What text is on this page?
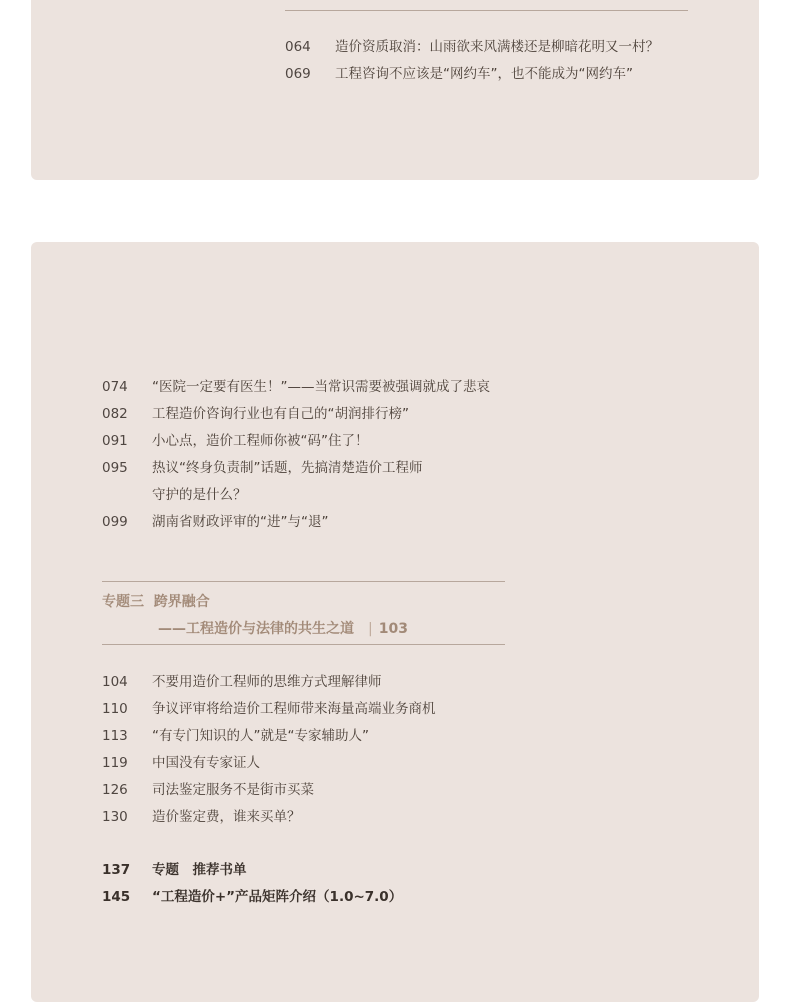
064 造价资质取消：山雨欲来风满楼还是柳暗花明又一村？
069 工程咨询不应该是“网约车”，也不能成为“网约车”
074 “医院一定要有医生！”——当常识需要被强调就成了悲哀
082 工程造价咨询行业也有自己的“胡润排行榜”
091 小心点，造价工程师你被“码”住了！
095 热议“终身负责制”话题，先搞清楚造价工程师
守护的是什么？
099 湖南省财政评审的“进”与“退”
专题三 跨界融合
——工程造价与法律的共生之道 | 103
104 不要用造价工程师的思维方式理解律师
110 争议评审将给造价工程师带来海量高端业务商机
113 “有专门知识的人”就是“专家辅助人”
119 中国没有专家证人
126 司法鉴定服务不是街市买菜
130 造价鉴定费，谁来买单？
137 专题　推荐书单
145 “工程造价+”产品矩阵介绍（1.0~7.0）
